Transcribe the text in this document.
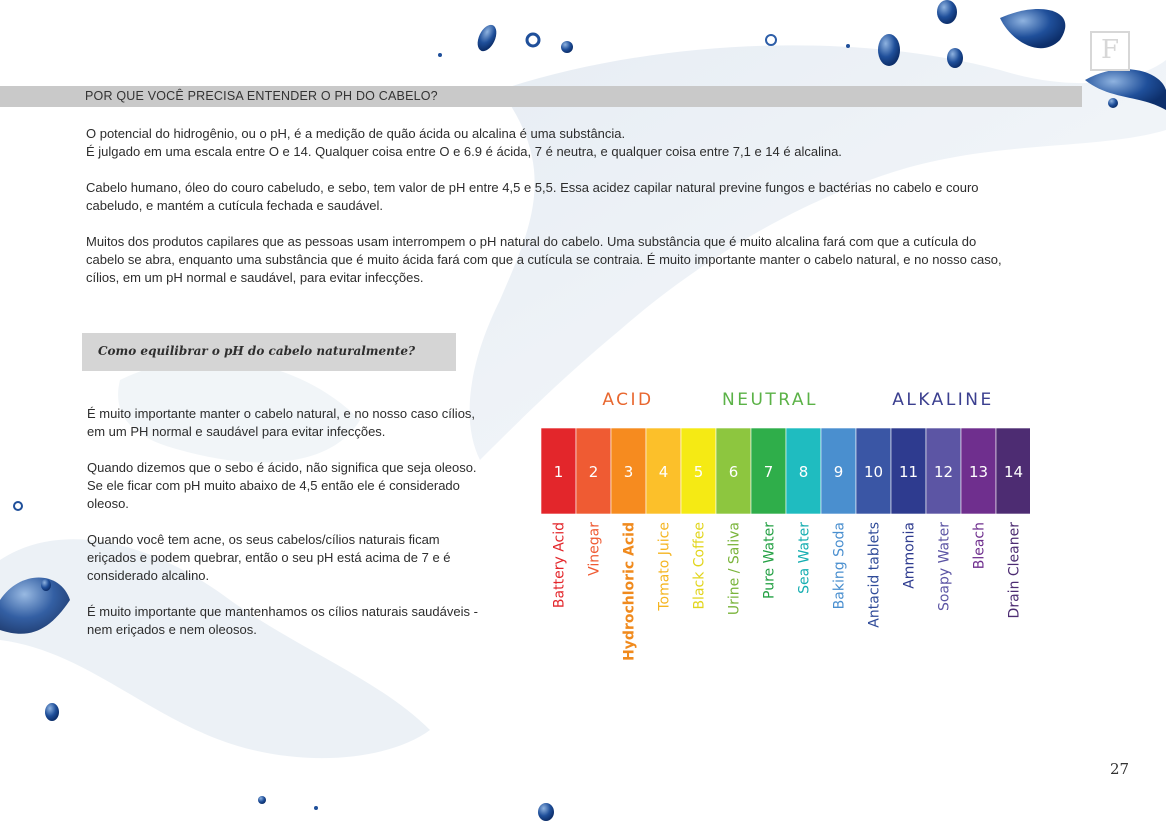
F
POR QUE VOCÊ PRECISA ENTENDER O PH DO CABELO?

O potencial do hidrogênio, ou o pH, é a medição de quão ácida ou alcalina é uma substância.
É julgado em uma escala entre O e 14. Qualquer coisa entre O e 6.9 é ácida, 7 é neutra, e qualquer coisa entre 7,1 e 14 é alcalina.

Cabelo humano, óleo do couro cabeludo, e sebo, tem valor de pH entre 4,5 e 5,5. Essa acidez capilar natural previne fungos e bactérias no cabelo e couro cabeludo, e mantém a cutícula fechada e saudável.

Muitos dos produtos capilares que as pessoas usam interrompem o pH natural do cabelo. Uma substância que é muito alcalina fará com que a cutícula do cabelo se abra, enquanto uma substância que é muito ácida fará com que a cutícula se contraia. É muito importante manter o cabelo natural, e no nosso caso, cílios, em um pH normal e saudável, para evitar infecções.

Como equilibrar o pH do cabelo naturalmente?

É muito importante manter o cabelo natural, e no nosso caso cílios, em um PH normal e saudável para evitar infecções.

Quando dizemos que o sebo é ácido, não significa que seja oleoso. Se ele ficar com pH muito abaixo de 4,5 então ele é considerado oleoso.

Quando você tem acne, os seus cabelos/cílios naturais ficam eriçados e podem quebrar, então o seu pH está acima de 7 e é considerado alcalino.

É muito importante que mantenhamos os cílios naturais saudáveis - nem eriçados e nem oleosos.

ACID	NEUTRAL	ALKALINE
1
Battery Acid
2
Vinegar
3
Hydrochloric Acid
4
Tomato Juice
5
Black Coffee
6
Urine / Saliva
7
Pure Water
8
Sea Water
9
Baking Soda
10
Antacid tablets
11
Ammonia
12
Soapy Water
13
Bleach
14
Drain Cleaner
27
